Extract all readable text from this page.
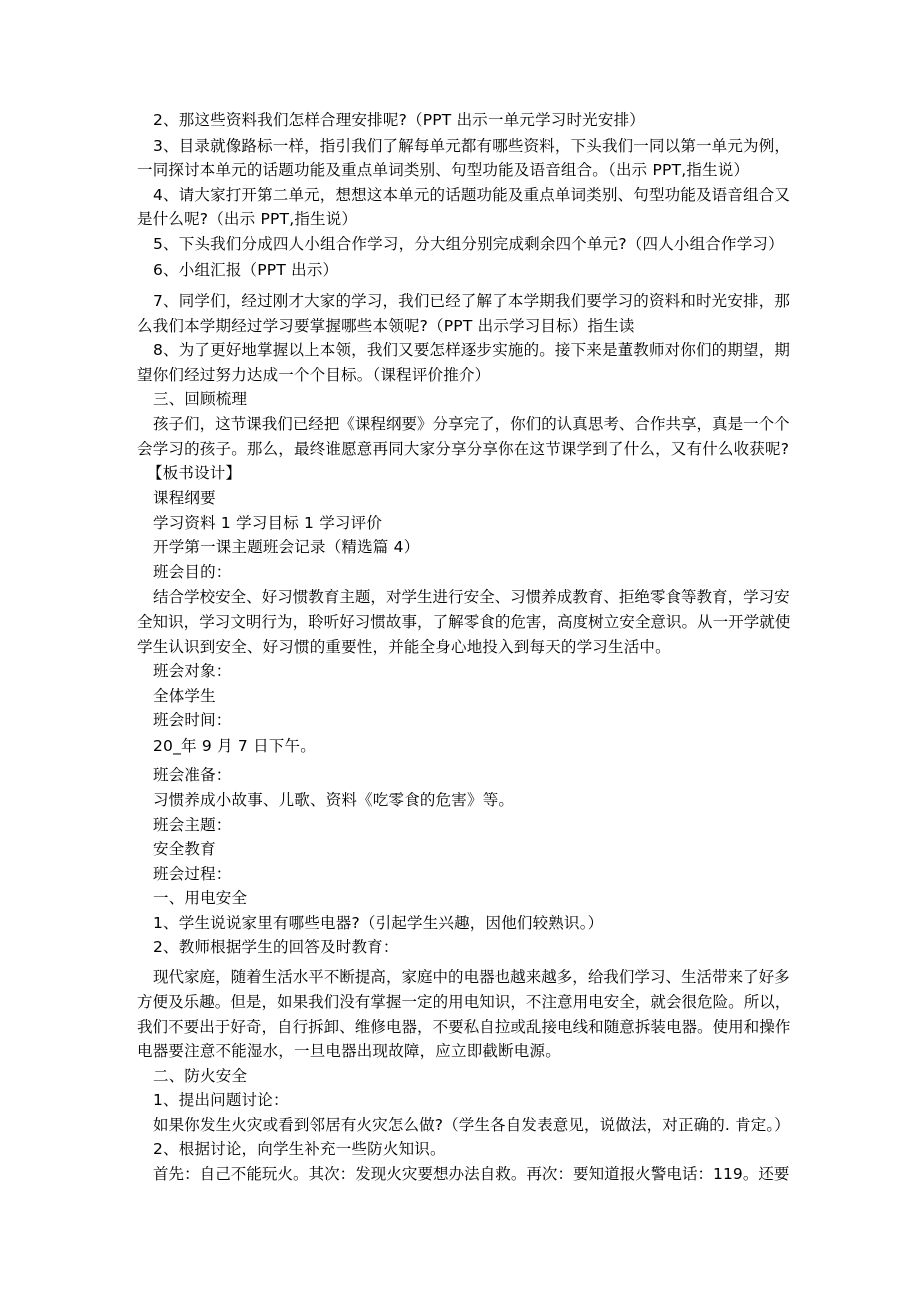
2、那这些资料我们怎样合理安排呢?（PPT 出示一单元学习时光安排）
3、目录就像路标一样，指引我们了解每单元都有哪些资料，下头我们一同以第一单元为例，
一同探讨本单元的话题功能及重点单词类别、句型功能及语音组合。（出示 PPT,指生说）
4、请大家打开第二单元，想想这本单元的话题功能及重点单词类别、句型功能及语音组合又
是什么呢?（出示 PPT,指生说）
5、下头我们分成四人小组合作学习，分大组分别完成剩余四个单元?（四人小组合作学习）
6、小组汇报（PPT 出示）
7、同学们，经过刚才大家的学习，我们已经了解了本学期我们要学习的资料和时光安排，那
么我们本学期经过学习要掌握哪些本领呢?（PPT 出示学习目标）指生读
8、为了更好地掌握以上本领，我们又要怎样逐步实施的。接下来是董教师对你们的期望，期
望你们经过努力达成一个个目标。（课程评价推介）
三、回顾梳理
孩子们，这节课我们已经把《课程纲要》分享完了，你们的认真思考、合作共享，真是一个个
会学习的孩子。那么，最终谁愿意再同大家分享分享你在这节课学到了什么，又有什么收获呢?
【板书设计】
课程纲要
学习资料 1 学习目标 1 学习评价
开学第一课主题班会记录（精选篇 4）
班会目的：
结合学校安全、好习惯教育主题，对学生进行安全、习惯养成教育、拒绝零食等教育，学习安
全知识，学习文明行为，聆听好习惯故事，了解零食的危害，高度树立安全意识。从一开学就使
学生认识到安全、好习惯的重要性，并能全身心地投入到每天的学习生活中。
班会对象：
全体学生
班会时间：
20_年 9 月 7 日下午。
班会准备：
习惯养成小故事、儿歌、资料《吃零食的危害》等。
班会主题：
安全教育
班会过程：
一、用电安全
1、学生说说家里有哪些电器?（引起学生兴趣，因他们较熟识。）
2、教师根据学生的回答及时教育：
现代家庭，随着生活水平不断提高，家庭中的电器也越来越多，给我们学习、生活带来了好多
方便及乐趣。但是，如果我们没有掌握一定的用电知识，不注意用电安全，就会很危险。所以，
我们不要出于好奇，自行拆卸、维修电器，不要私自拉或乱接电线和随意拆装电器。使用和操作
电器要注意不能湿水，一旦电器出现故障，应立即截断电源。
二、防火安全
1、提出问题讨论：
如果你发生火灾或看到邻居有火灾怎么做?（学生各自发表意见，说做法，对正确的. 肯定。）
2、根据讨论，向学生补充一些防火知识。
首先：自己不能玩火。其次：发现火灾要想办法自救。再次：要知道报火警电话：119。还要
